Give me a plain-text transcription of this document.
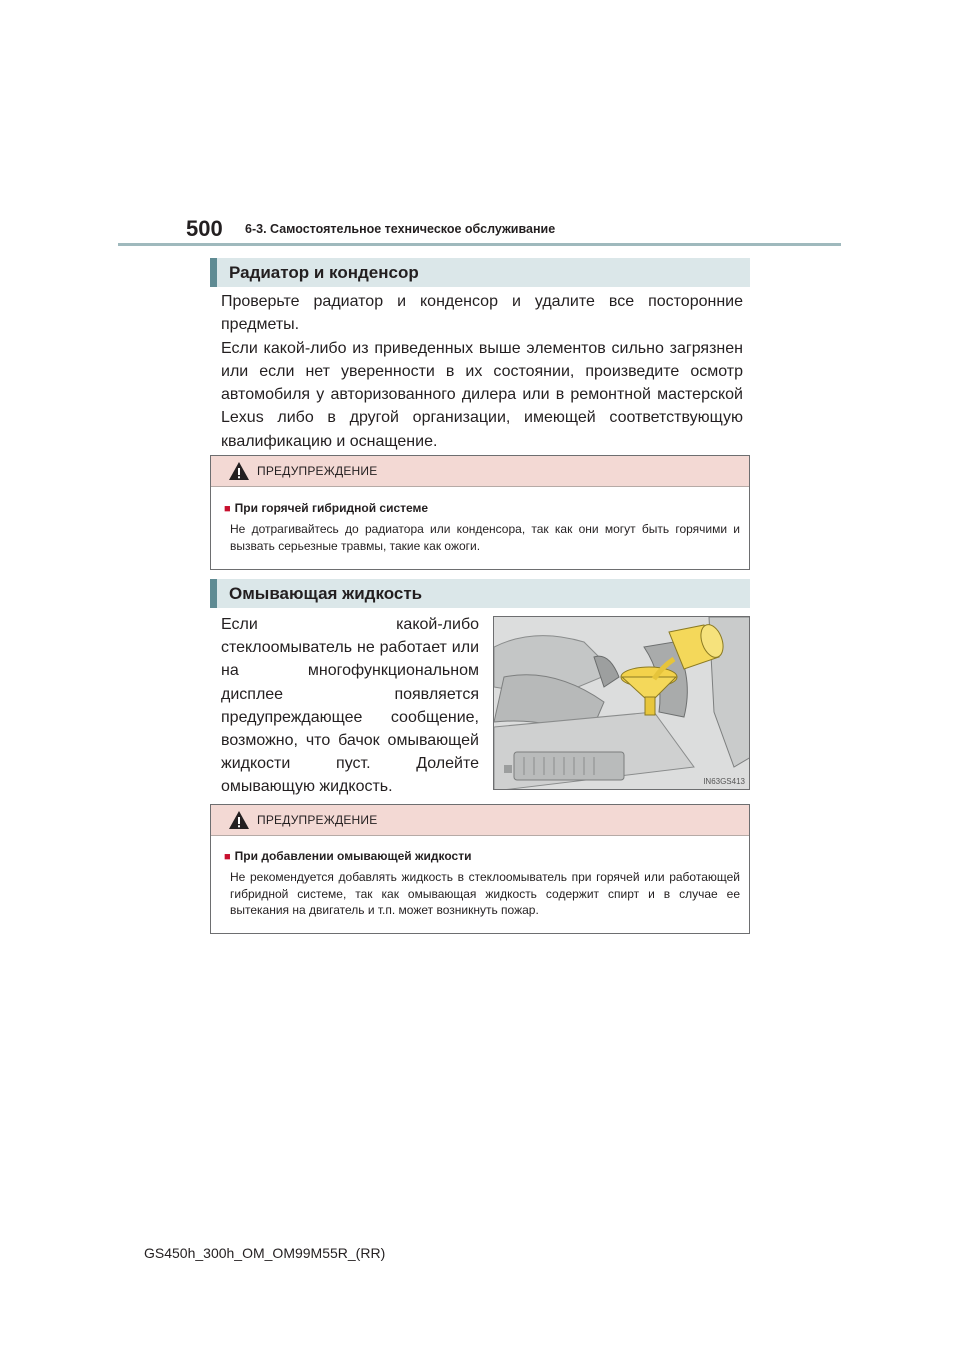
500 6-3. Самостоятельное техническое обслуживание
Радиатор и конденсор
Проверьте радиатор и конденсор и удалите все посторонние предметы.
Если какой-либо из приведенных выше элементов сильно загрязнен или если нет уверенности в их состоянии, произведите осмотр автомобиля у авторизованного дилера или в ремонтной мастерской Lexus либо в другой организации, имеющей соответствующую квалификацию и оснащение.
ПРЕДУПРЕЖДЕНИЕ
■ При горячей гибридной системе
Не дотрагивайтесь до радиатора или конденсора, так как они могут быть горячими и вызвать серьезные травмы, такие как ожоги.
Омывающая жидкость
Если какой-либо стеклоомыватель не работает или на многофункциональном дисплее появляется предупреждающее сообщение, возможно, что бачок омывающей жидкости пуст. Долейте омывающую жидкость.	IN63GS413
ПРЕДУПРЕЖДЕНИЕ
■ При добавлении омывающей жидкости
Не рекомендуется добавлять жидкость в стеклоомыватель при горячей или работающей гибридной системе, так как омывающая жидкость содержит спирт и в случае ее вытекания на двигатель и т.п. может возникнуть пожар.
GS450h_300h_OM_OM99M55R_(RR)
